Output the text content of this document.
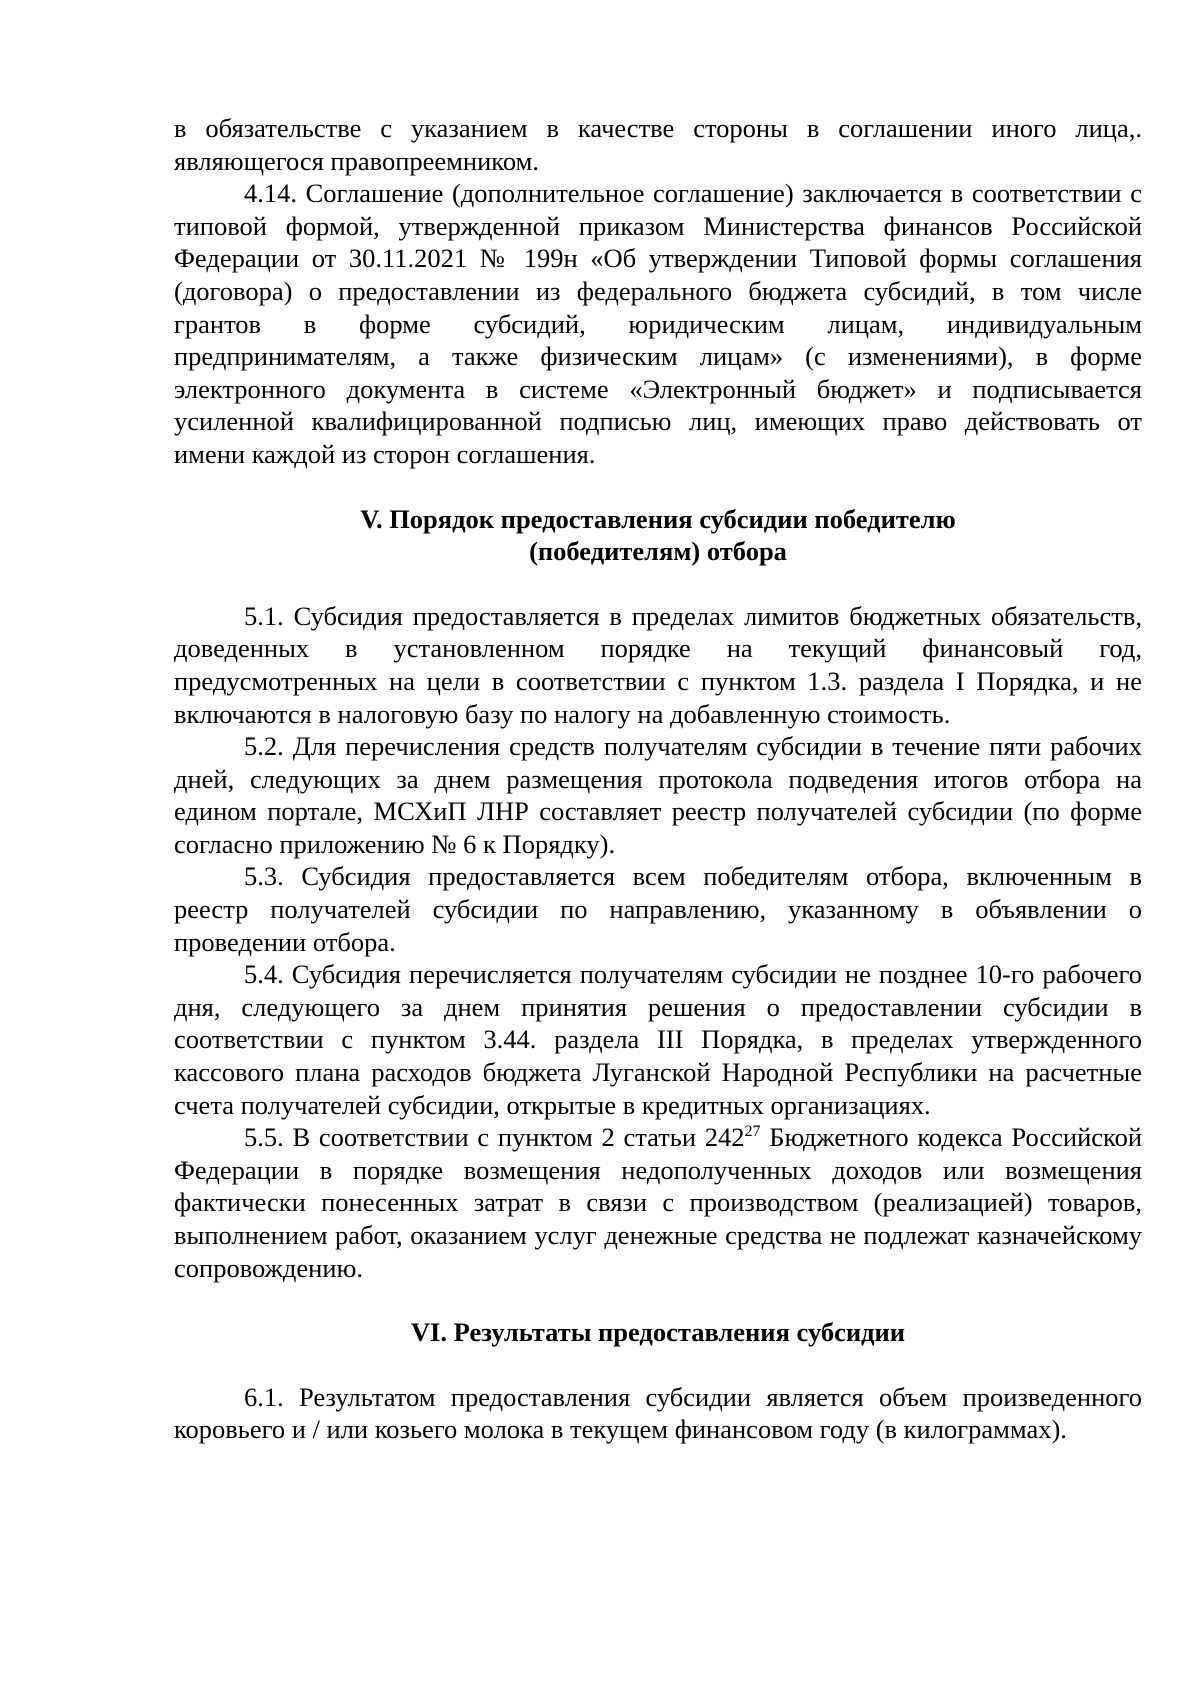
в обязательстве с указанием в качестве стороны в соглашении иного лица,. являющегося правопреемником.

4.14. Соглашение (дополнительное соглашение) заключается в соответствии с типовой формой, утвержденной приказом Министерства финансов Российской Федерации от 30.11.2021 № 199н «Об утверждении Типовой формы соглашения (договора) о предоставлении из федерального бюджета субсидий, в том числе грантов в форме субсидий, юридическим лицам, индивидуальным предпринимателям, а также физическим лицам» (с изменениями), в форме электронного документа в системе «Электронный бюджет» и подписывается усиленной квалифицированной подписью лиц, имеющих право действовать от имени каждой из сторон соглашения.

V. Порядок предоставления субсидии победителю

(победителям) отбора

5.1. Субсидия предоставляется в пределах лимитов бюджетных обязательств, доведенных в установленном порядке на текущий финансовый год, предусмотренных на цели в соответствии с пунктом 1.3. раздела I Порядка, и не включаются в налоговую базу по налогу на добавленную стоимость.

5.2. Для перечисления средств получателям субсидии в течение пяти рабочих дней, следующих за днем размещения протокола подведения итогов отбора на едином портале, МСХиП ЛНР составляет реестр получателей субсидии (по форме согласно приложению № 6 к Порядку).

5.3. Субсидия предоставляется всем победителям отбора, включенным в реестр получателей субсидии по направлению, указанному в объявлении о проведении отбора.

5.4. Субсидия перечисляется получателям субсидии не позднее 10-го рабочего дня, следующего за днем принятия решения о предоставлении субсидии в соответствии с пунктом 3.44. раздела III Порядка, в пределах утвержденного кассового плана расходов бюджета Луганской Народной Республики на расчетные счета получателей субсидии, открытые в кредитных организациях.

5.5. В соответствии с пунктом 2 статьи $242^{27}$ Бюджетного кодекса Российской Федерации в порядке возмещения недополученных доходов или возмещения фактически понесенных затрат в связи с производством (реализацией) товаров, выполнением работ, оказанием услуг денежные средства не подлежат казначейскому сопровождению.

VI. Результаты предоставления субсидии

6.1. Результатом предоставления субсидии является объем произведенного коровьего и / или козьего молока в текущем финансовом году (в килограммах).
